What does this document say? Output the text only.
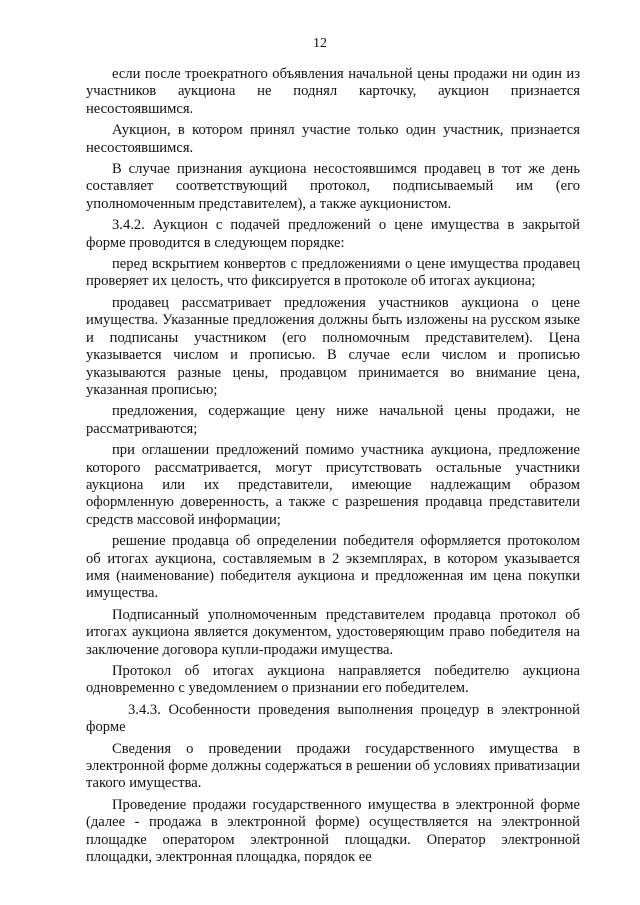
12

если после троекратного объявления начальной цены продажи ни один из участников аукциона не поднял карточку, аукцион признается несостоявшимся.

Аукцион, в котором принял участие только один участник, признается несостоявшимся.

В случае признания аукциона несостоявшимся продавец в тот же день составляет соответствующий протокол, подписываемый им (его уполномоченным представителем), а также аукционистом.

3.4.2. Аукцион с подачей предложений о цене имущества в закрытой форме проводится в следующем порядке:

перед вскрытием конвертов с предложениями о цене имущества продавец проверяет их целость, что фиксируется в протоколе об итогах аукциона;

продавец рассматривает предложения участников аукциона о цене имущества. Указанные предложения должны быть изложены на русском языке и подписаны участником (его полномочным представителем). Цена указывается числом и прописью. В случае если числом и прописью указываются разные цены, продавцом принимается во внимание цена, указанная прописью;

предложения, содержащие цену ниже начальной цены продажи, не рассматриваются;

при оглашении предложений помимо участника аукциона, предложение которого рассматривается, могут присутствовать остальные участники аукциона или их представители, имеющие надлежащим образом оформленную доверенность, а также с разрешения продавца представители средств массовой информации;

решение продавца об определении победителя оформляется протоколом об итогах аукциона, составляемым в 2 экземплярах, в котором указывается имя (наименование) победителя аукциона и предложенная им цена покупки имущества.

Подписанный уполномоченным представителем продавца протокол об итогах аукциона является документом, удостоверяющим право победителя на заключение договора купли-продажи имущества.

Протокол об итогах аукциона направляется победителю аукциона одновременно с уведомлением о признании его победителем.

3.4.3. Особенности проведения выполнения процедур в электронной форме

Сведения о проведении продажи государственного имущества в электронной форме должны содержаться в решении об условиях приватизации такого имущества.

Проведение продажи государственного имущества в электронной форме (далее - продажа в электронной форме) осуществляется на электронной площадке оператором электронной площадки. Оператор электронной площадки, электронная площадка, порядок ее
